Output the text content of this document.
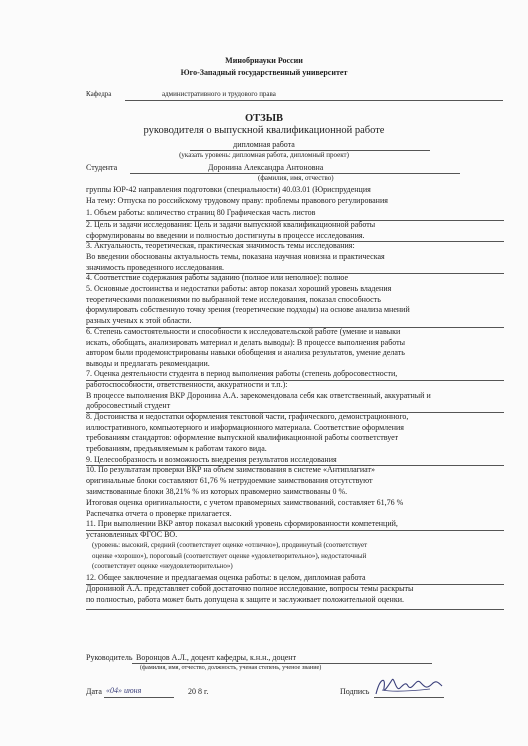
Минобрнауки России
Юго-Западный государственный университет
Кафедра	административного и трудового права
ОТЗЫВ
руководителя о выпускной квалификационной работе
дипломная работа
(указать уровень: дипломная работа, дипломный проект)
Студента	Доронина Александра Антоновна
(фамилия, имя, отчество)
группы ЮР-42 направления подготовки (специальности) 40.03.01 (Юриспруденция
На тему: Отпуска по российскому трудовому праву: проблемы правового регулирования
1. Объем работы: количество страниц 80 Графическая часть листов
2. Цель и задачи исследования: Цель и задачи выпускной квалификационной работы
сформулированы во введении и полностью достигнуты в процессе исследования.
3. Актуальность, теоретическая, практическая значимость темы исследования:
Во введении обоснованы актуальность темы, показана научная новизна и практическая
значимость проведенного исследования.
4. Соответствие содержания работы заданию (полное или неполное): полное
5. Основные достоинства и недостатки работы: автор показал хороший уровень владения
теоретическими положениями по выбранной теме исследования, показал способность
формулировать собственную точку зрения (теоретические подходы) на основе анализа мнений
разных ученых к этой области.
6. Степень самостоятельности и способности к исследовательской работе (умение и навыки
искать, обобщать, анализировать материал и делать выводы): В процессе выполнения работы
автором были продемонстрированы навыки обобщения и анализа результатов, умение делать
выводы и предлагать рекомендации.
7. Оценка деятельности студента в период выполнения работы (степень добросовестности,
работоспособности, ответственности, аккуратности и т.п.):
В процессе выполнения ВКР Доронина А.А. зарекомендовала себя как ответственный, аккуратный и
добросовестный студент
8. Достоинства и недостатки оформления текстовой части, графического, демонстрационного,
иллюстративного, компьютерного и информационного материала. Соответствие оформления
требованиям стандартов: оформление выпускной квалификационной работы соответствует
требованиям, предъявляемым к работам такого вида.
9. Целесообразность и возможность внедрения результатов исследования
10. По результатам проверки ВКР на объем заимствования в системе «Антиплагиат»
оригинальные блоки составляют 61,76 % нетрудоемкие заимствования отсутствуют
заимствованные блоки 38,21% % из которых правомерно заимствованы 0 %.
Итоговая оценка оригинальности, с учетом правомерных заимствований, составляет 61,76 %
Распечатка отчета о проверке прилагается.
11. При выполнении ВКР автор показал высокий уровень сформированности компетенций,
установленных ФГОС ВО.
(уровень: высокий, средний (соответствует оценке «отлично»), продвинутый (соответствует
оценке «хорошо»), пороговый (соответствует оценке «удовлетворительно»), недостаточный
(соответствует оценке «неудовлетворительно»)
12. Общее заключение и предлагаемая оценка работы: в целом, дипломная работа
Дорониной А.А. представляет собой достаточно полное исследование, вопросы темы раскрыты
по полностью, работа может быть допущена к защите и заслуживает положительной оценки.
Руководитель Воронцов А.Л., доцент кафедры, к.н.н., доцент
(фамилия, имя, отчество, должность, ученая степень, ученое звание)
Дата «04» июня	20 8 г.	Подпись
